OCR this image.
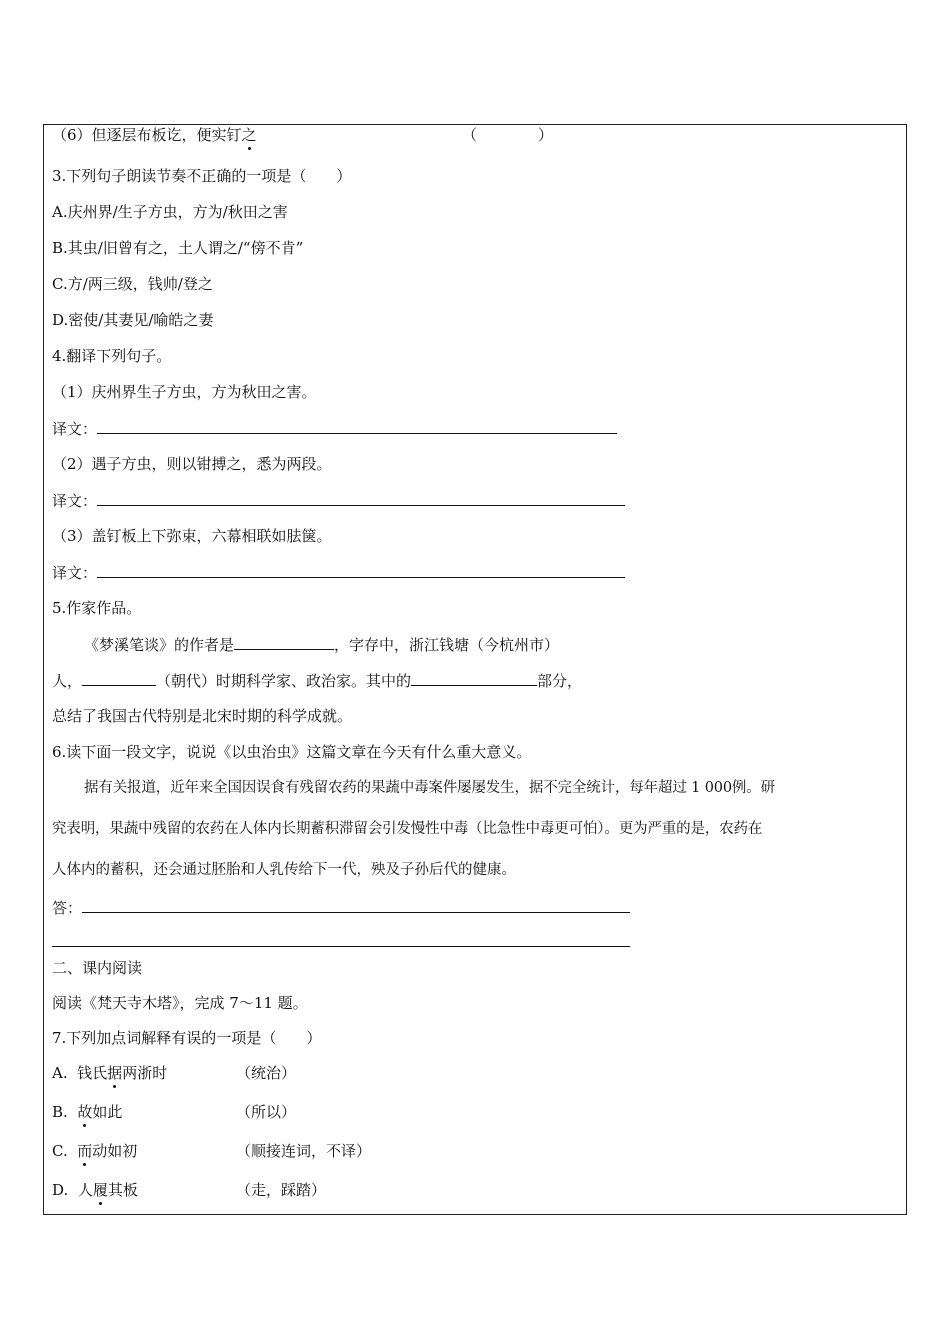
（6）但逐层布板讫，便实钉之	（	）
3.下列句子朗读节奏不正确的一项是（　　）
A.庆州界/生子方虫，方为/秋田之害
B.其虫/旧曾有之，土人谓之/“傍不肯”
C.方/两三级，钱帅/登之
D.密使/其妻见/喻皓之妻
4.翻译下列句子。
（1）庆州界生子方虫，方为秋田之害。
译文：
（2）遇子方虫，则以钳搏之，悉为两段。
译文：
（3）盖钉板上下弥束，六幕相联如胠箧。
译文：
5.作家作品。
《梦溪笔谈》的作者是	，字存中，浙江钱塘（今杭州市）
人，	（朝代）时期科学家、政治家。其中的	部分，
总结了我国古代特别是北宋时期的科学成就。
6.读下面一段文字，说说《以虫治虫》这篇文章在今天有什么重大意义。
据有关报道，近年来全国因误食有残留农药的果蔬中毒案件屡屡发生，据不完全统计，每年超过 1 000例。研
究表明，果蔬中残留的农药在人体内长期蓄积滞留会引发慢性中毒（比急性中毒更可怕）。更为严重的是，农药在
人体内的蓄积，还会通过胚胎和人乳传给下一代，殃及子孙后代的健康。
答：
二、课内阅读
阅读《梵天寺木塔》，完成 7～11 题。
7.下列加点词解释有误的一项是（　　）
A. 钱氏据两浙时	（统治）
B. 故如此	（所以）
C. 而动如初	（顺接连词，不译）
D. 人履其板	（走，踩踏）
